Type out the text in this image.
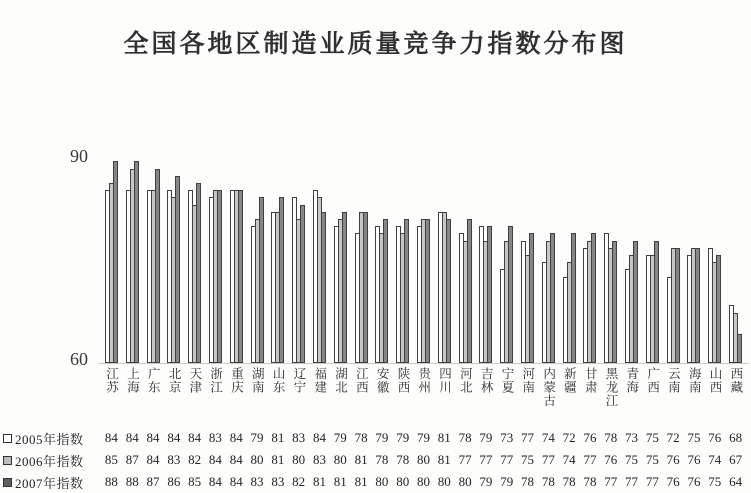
全国各地区制造业质量竞争力指数分布图
90
60
江苏 上海 广东 北京 天津 浙江 重庆 湖南 山东 辽宁 福建 湖北 江西 安徽 陕西 贵州 四川 河北 吉林 宁夏 河南 内蒙古 新疆 甘肃 黑龙江 青海 广西 云南 海南 山西 西藏
2005年指数 84 84 84 84 84 83 84 79 81 83 84 79 78 79 79 79 81 78 79 73 77 74 72 76 78 73 75 72 75 76 68
2006年指数 85 87 84 83 82 84 84 80 81 80 83 80 81 78 78 80 81 77 77 77 75 77 74 77 76 75 75 76 76 74 67
2007年指数 88 88 87 86 85 84 84 83 83 82 81 81 81 80 80 80 80 80 79 79 78 78 78 78 77 77 77 76 76 75 64
